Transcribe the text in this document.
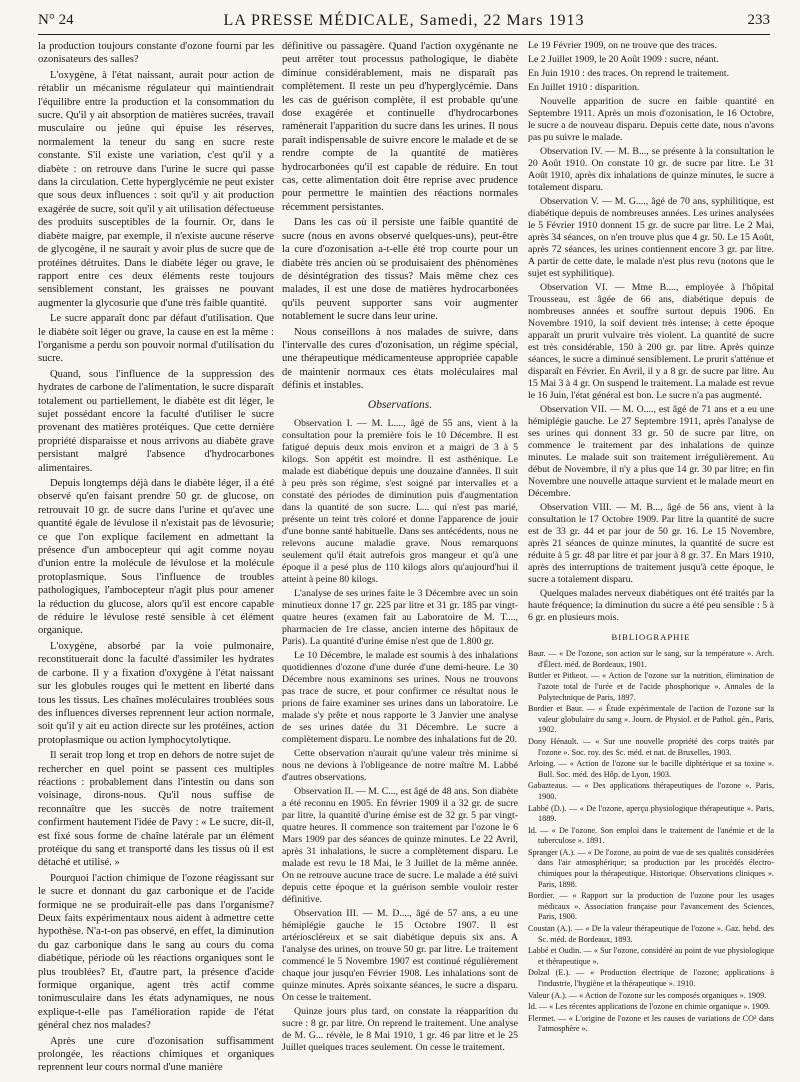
N° 24	LA PRESSE MÉDICALE, Samedi, 22 Mars 1913	233

la production toujours constante d'ozone fourni par les ozonisateurs des salles?

L'oxygène, à l'état naissant, aurait pour action de rétablir un mécanisme régulateur qui maintiendrait l'équilibre entre la production et la consommation du sucre. Qu'il y ait absorption de matières sucrées, travail musculaire ou jeûne qui épuise les réserves, normalement la teneur du sang en sucre reste constante. S'il existe une variation, c'est qu'il y a diabète : on retrouve dans l'urine le sucre qui passe dans la circulation. Cette hyperglycémie ne peut exister que sous deux influences : soit qu'il y ait production exagérée de sucre, soit qu'il y ait utilisation défectueuse des produits susceptibles de la fournir. Or, dans le diabète maigre, par exemple, il n'existe aucune réserve de glycogène, il ne saurait y avoir plus de sucre que de protéines détruites. Dans le diabète léger ou grave, le rapport entre ces deux éléments reste toujours sensiblement constant, les graisses ne pouvant augmenter la glycosurie que d'une très faible quantité.

Le sucre apparaît donc par défaut d'utilisation. Que le diabète soit léger ou grave, la cause en est la même : l'organisme a perdu son pouvoir normal d'utilisation du sucre.

Quand, sous l'influence de la suppression des hydrates de carbone de l'alimentation, le sucre disparaît totalement ou partiellement, le diabète est dit léger, le sujet possédant encore la faculté d'utiliser le sucre provenant des matières protéiques. Que cette dernière propriété disparaisse et nous arrivons au diabète grave persistant malgré l'absence d'hydrocarbones alimentaires.

Depuis longtemps déjà dans le diabète léger, il a été observé qu'en faisant prendre 50 gr. de glucose, on retrouvait 10 gr. de sucre dans l'urine et qu'avec une quantité égale de lévulose il n'existait pas de lévosurie; ce que l'on explique facilement en admettant la présence d'un ambocepteur qui agit comme noyau d'union entre la molécule de lévulose et la molécule protoplasmique. Sous l'influence de troubles pathologiques, l'ambocepteur n'agit plus pour amener la réduction du glucose, alors qu'il est encore capable de réduire le lévulose resté sensible à cet élément organique.

L'oxygène, absorbé par la voie pulmonaire, reconstituerait donc la faculté d'assimiler les hydrates de carbone. Il y a fixation d'oxygène à l'état naissant sur les globules rouges qui le mettent en liberté dans tous les tissus. Les chaînes moléculaires troublées sous des influences diverses reprennent leur action normale, soit qu'il y ait eu action directe sur les protéines, action protoplasmique ou action lymphocytolytique.

Il serait trop long et trop en dehors de notre sujet de rechercher en quel point se passent ces multiples réactions : probablement dans l'intestin ou dans son voisinage, dirons-nous. Qu'il nous suffise de reconnaître que les succès de notre traitement confirment hautement l'idée de Pavy : « Le sucre, dit-il, est fixé sous forme de chaîne latérale par un élément protéique du sang et transporté dans les tissus où il est détaché et utilisé. »

Pourquoi l'action chimique de l'ozone réagissant sur le sucre et donnant du gaz carbonique et de l'acide formique ne se produirait-elle pas dans l'organisme? Deux faits expérimentaux nous aident à admettre cette hypothèse. N'a-t-on pas observé, en effet, la diminution du gaz carbonique dans le sang au cours du coma diabétique, période où les réactions organiques sont le plus troublées? Et, d'autre part, la présence d'acide formique organique, agent très actif comme tonimusculaire dans les états adynamiques, ne nous explique-t-elle pas l'amélioration rapide de l'état général chez nos malades?

Après une cure d'ozonisation suffisamment prolongée, les réactions chimiques et organiques reprennent leur cours normal d'une manière

définitive ou passagère. Quand l'action oxygénante ne peut arrêter tout processus pathologique, le diabète diminue considérablement, mais ne disparaît pas complètement. Il reste un peu d'hyperglycémie. Dans les cas de guérison complète, il est probable qu'une dose exagérée et continuelle d'hydrocarbones ramènerait l'apparition du sucre dans les urines. Il nous paraît indispensable de suivre encore le malade et de se rendre compte de la quantité de matières hydrocarbonées qu'il est capable de réduire. En tout cas, cette alimentation doit être reprise avec prudence pour permettre le maintien des réactions normales récemment persistantes.

Dans les cas où il persiste une faible quantité de sucre (nous en avons observé quelques-uns), peut-être la cure d'ozonisation a-t-elle été trop courte pour un diabète très ancien où se produisaient des phénomènes de désintégration des tissus? Mais même chez ces malades, il est une dose de matières hydrocarbonées qu'ils peuvent supporter sans voir augmenter notablement le sucre dans leur urine.

Nous conseillons à nos malades de suivre, dans l'intervalle des cures d'ozonisation, un régime spécial, une thérapeutique médicamenteuse appropriée capable de maintenir normaux ces états moléculaires mal définis et instables.

Observations.

Observation I. — M. L...., âgé de 55 ans, vient à la consultation pour la première fois le 10 Décembre. Il est fatigué depuis deux mois environ et a maigri de 3 à 5 kilogs. Son appétit est moindre. Il est asthénique. Le malade est diabétique depuis une douzaine d'années. Il suit à peu près son régime, s'est soigné par intervalles et a constaté des périodes de diminution puis d'augmentation dans la quantité de son sucre. L... qui n'est pas marié, présente un teint très coloré et donne l'apparence de jouir d'une bonne santé habituelle. Dans ses antécédents, nous ne relevons aucune maladie grave. Nous remarquons seulement qu'il était autrefois gros mangeur et qu'à une époque il a pesé plus de 110 kilogs alors qu'aujourd'hui il atteint à peine 80 kilogs.

L'analyse de ses urines faite le 3 Décembre avec un soin minutieux donne 17 gr. 225 par litre et 31 gr. 185 par vingt-quatre heures (examen fait au Laboratoire de M. T...., pharmacien de 1re classe, ancien interne des hôpitaux de Paris). La quantité d'urine émise n'est que de 1.800 gr.

Le 10 Décembre, le malade est soumis à des inhalations quotidiennes d'ozone d'une durée d'une demi-heure. Le 30 Décembre nous examinons ses urines. Nous ne trouvons pas trace de sucre, et pour confirmer ce résultat nous le prions de faire examiner ses urines dans un laboratoire. Le malade s'y prête et nous rapporte le 3 Janvier une analyse de ses urines datée du 31 Décembre. Le sucre a complètement disparu. Le nombre des inhalations fut de 20.

Cette observation n'aurait qu'une valeur très minime si nous ne devions à l'obligeance de notre maître M. Labbé d'autres observations.

Observation II. — M. C..., est âgé de 48 ans. Son diabète a été reconnu en 1905. En février 1909 il a 32 gr. de sucre par litre, la quantité d'urine émise est de 32 gr. 5 par vingt-quatre heures. Il commence son traitement par l'ozone le 6 Mars 1909 par des séances de quinze minutes. Le 22 Avril, après 31 inhalations, le sucre a complètement disparu. Le malade est revu le 18 Mai, le 3 Juillet de la même année. On ne retrouve aucune trace de sucre. Le malade a été suivi depuis cette époque et la guérison semble vouloir rester définitive.

Observation III. — M. D...., âgé de 57 ans, a eu une hémiplégie gauche le 15 Octobre 1907. Il est artérioscléreux et se sait diabétique depuis six ans. A l'analyse des urines, on trouve 50 gr. par litre. Le traitement commencé le 5 Novembre 1907 est continué régulièrement chaque jour jusqu'en Février 1908. Les inhalations sont de quinze minutes. Après soixante séances, le sucre a disparu. On cesse le traitement.

Quinze jours plus tard, on constate la réapparition du sucre : 8 gr. par litre. On reprend le traitement. Une analyse de M. G... révèle, le 8 Mai 1910, 1 gr. 46 par litre et le 25 Juillet quelques traces seulement. On cesse le traitement.

Le 19 Février 1909, on ne trouve que des traces.

Le 2 Juillet 1909, le 20 Août 1909 : sucre, néant.

En Juin 1910 : des traces. On reprend le traitement.

En Juillet 1910 : disparition.

Nouvelle apparition de sucre en faible quantité en Septembre 1911. Après un mois d'ozonisation, le 16 Octobre, le sucre a de nouveau disparu. Depuis cette date, nous n'avons pas pu suivre le malade.

Observation IV. — M. B..., se présente à la consultation le 20 Août 1910. On constate 10 gr. de sucre par litre. Le 31 Août 1910, après dix inhalations de quinze minutes, le sucre a totalement disparu.

Observation V. — M. G...., âgé de 70 ans, syphilitique, est diabétique depuis de nombreuses années. Les urines analysées le 5 Février 1910 donnent 15 gr. de sucre par litre. Le 2 Mai, après 34 séances, on n'en trouve plus que 4 gr. 50. Le 15 Août, après 72 séances, les urines contiennent encore 3 gr. par litre. A partir de cette date, le malade n'est plus revu (notons que le sujet est syphilitique).

Observation VI. — Mme B...., employée à l'hôpital Trousseau, est âgée de 66 ans, diabétique depuis de nombreuses années et souffre surtout depuis 1906. En Novembre 1910, la soif devient très intense; à cette époque apparaît un prurit vulvaire très violent. La quantité de sucre est très considérable, 150 à 200 gr. par litre. Après quinze séances, le sucre a diminué sensiblement. Le prurit s'atténue et disparaît en Février. En Avril, il y a 8 gr. de sucre par litre. Au 15 Mai 3 à 4 gr. On suspend le traitement. La malade est revue le 16 Juin, l'état général est bon. Le sucre n'a pas augmenté.

Observation VII. — M. O...., est âgé de 71 ans et a eu une hémiplégie gauche. Le 27 Septembre 1911, après l'analyse de ses urines qui donnent 33 gr. 50 de sucre par litre, on commence le traitement par des inhalations de quinze minutes. Le malade suit son traitement irrégulièrement. Au début de Novembre, il n'y a plus que 14 gr. 30 par litre; en fin Novembre une nouvelle attaque survient et le malade meurt en Décembre.

Observation VIII. — M. B..., âgé de 56 ans, vient à la consultation le 17 Octobre 1909. Par litre la quantité de sucre est de 33 gr. 44 et par jour de 50 gr. 16. Le 15 Novembre, après 21 séances de quinze minutes, la quantité de sucre est réduite à 5 gr. 48 par litre et par jour à 8 gr. 37. En Mars 1910, après des interruptions de traitement jusqu'à cette époque, le sucre a totalement disparu.

Quelques malades nerveux diabétiques ont été traités par la haute fréquence; la diminution du sucre a été peu sensible : 5 à 6 gr. en plusieurs mois.

BIBLIOGRAPHIE

Baur. — « De l'ozone, son action sur le sang, sur la température ». Arch. d'Élect. méd. de Bordeaux, 1901.

Buttler et Pitkeot. — « Action de l'ozone sur la nutrition, élimination de l'azote total de l'urée et de l'acide phosphorique ». Annales de la Polytechnique de Paris, 1897.

Bordier et Baur. — « Étude expérimentale de l'action de l'ozone sur la valeur globulaire du sang ». Journ. de Physiol. et de Pathol. gén., Paris, 1902.

Dony Hénault. — « Sur une nouvelle propriété des corps traités par l'ozone ». Soc. roy. des Sc. méd. et nat. de Bruxelles, 1903.

Arloing. — « Action de l'ozone sur le bacille diphtérique et sa toxine ». Bull. Soc. méd. des Hôp. de Lyon, 1903.

Gabazteaus. — « Des applications thérapeutiques de l'ozone ». Paris, 1900.

Labbé (D.). — « De l'ozone, aperçu physiologique thérapeutique ». Paris, 1889.

Id. — « De l'ozone. Son emploi dans le traitement de l'anémie et de la tuberculose ». 1891.

Spranger (A.). — « De l'ozone, au point de vue de ses qualités considérées dans l'air atmosphérique; sa production par les procédés électro-chimiques pour la thérapeutique. Historique. Observations cliniques ». Paris, 1898.

Bordier. — « Rapport sur la production de l'ozone pour les usages médicaux ». Association française pour l'avancement des Sciences, Paris, 1900.

Coustan (A.). — « De la valeur thérapeutique de l'ozone ». Gaz. hebd. des Sc. méd. de Bordeaux, 1893.

Labbé et Oudin. — « Sur l'ozone, considéré au point de vue physiologique et thérapeutique ».

Dolzal (E.). — « Production électrique de l'ozone; applications à l'industrie, l'hygiène et la thérapeutique ». 1910.

Valeur (A.). — « Action de l'ozone sur les composés organiques ». 1909.

Id. — « Les récentes applications de l'ozone en chimie organique ». 1909.

Flermet. — « L'origine de l'ozone et les causes de variations de CO² dans l'atmosphère ».
